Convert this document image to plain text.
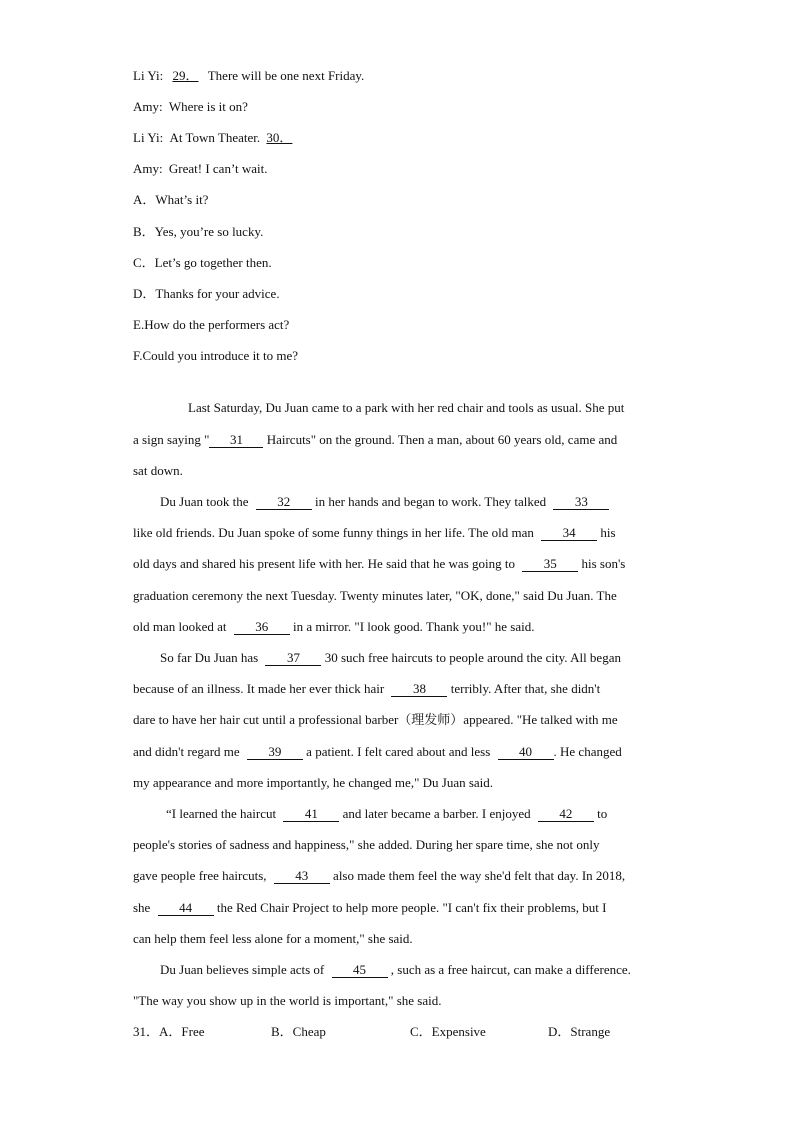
Li Yi: 29． There will be one next Friday.
Amy: Where is it on?
Li Yi: At Town Theater. 30．
Amy: Great! I can’t wait.
A．What’s it?
B．Yes, you’re so lucky.
C．Let’s go together then.
D．Thanks for your advice.
E.How do the performers act?
F.Could you introduce it to me?
Last Saturday, Du Juan came to a park with her red chair and tools as usual. She put
a sign saying " 31 Haircuts" on the ground. Then a man, about 60 years old, came and
sat down.
Du Juan took the 32 in her hands and began to work. They talked 33
like old friends. Du Juan spoke of some funny things in her life. The old man 34 his
old days and shared his present life with her. He said that he was going to 35 his son's
graduation ceremony the next Tuesday. Twenty minutes later, "OK, done," said Du Juan. The
old man looked at 36 in a mirror. "I look good. Thank you!" he said.
So far Du Juan has 37 30 such free haircuts to people around the city. All began
because of an illness. It made her ever thick hair 38 terribly. After that, she didn't
dare to have her hair cut until a professional barber（理发师）appeared. "He talked with me
and didn't regard me 39 a patient. I felt cared about and less 40 . He changed
my appearance and more importantly, he changed me," Du Juan said.
“I learned the haircut 41 and later became a barber. I enjoyed 42 to
people's stories of sadness and happiness," she added. During her spare time, she not only
gave people free haircuts, 43 also made them feel the way she'd felt that day. In 2018,
she 44 the Red Chair Project to help more people. "I can't fix their problems, but I
can help them feel less alone for a moment," she said.
Du Juan believes simple acts of 45 , such as a free haircut, can make a difference.
"The way you show up in the world is important," she said.
31．A．Free	B．Cheap	C．Expensive	D．Strange
